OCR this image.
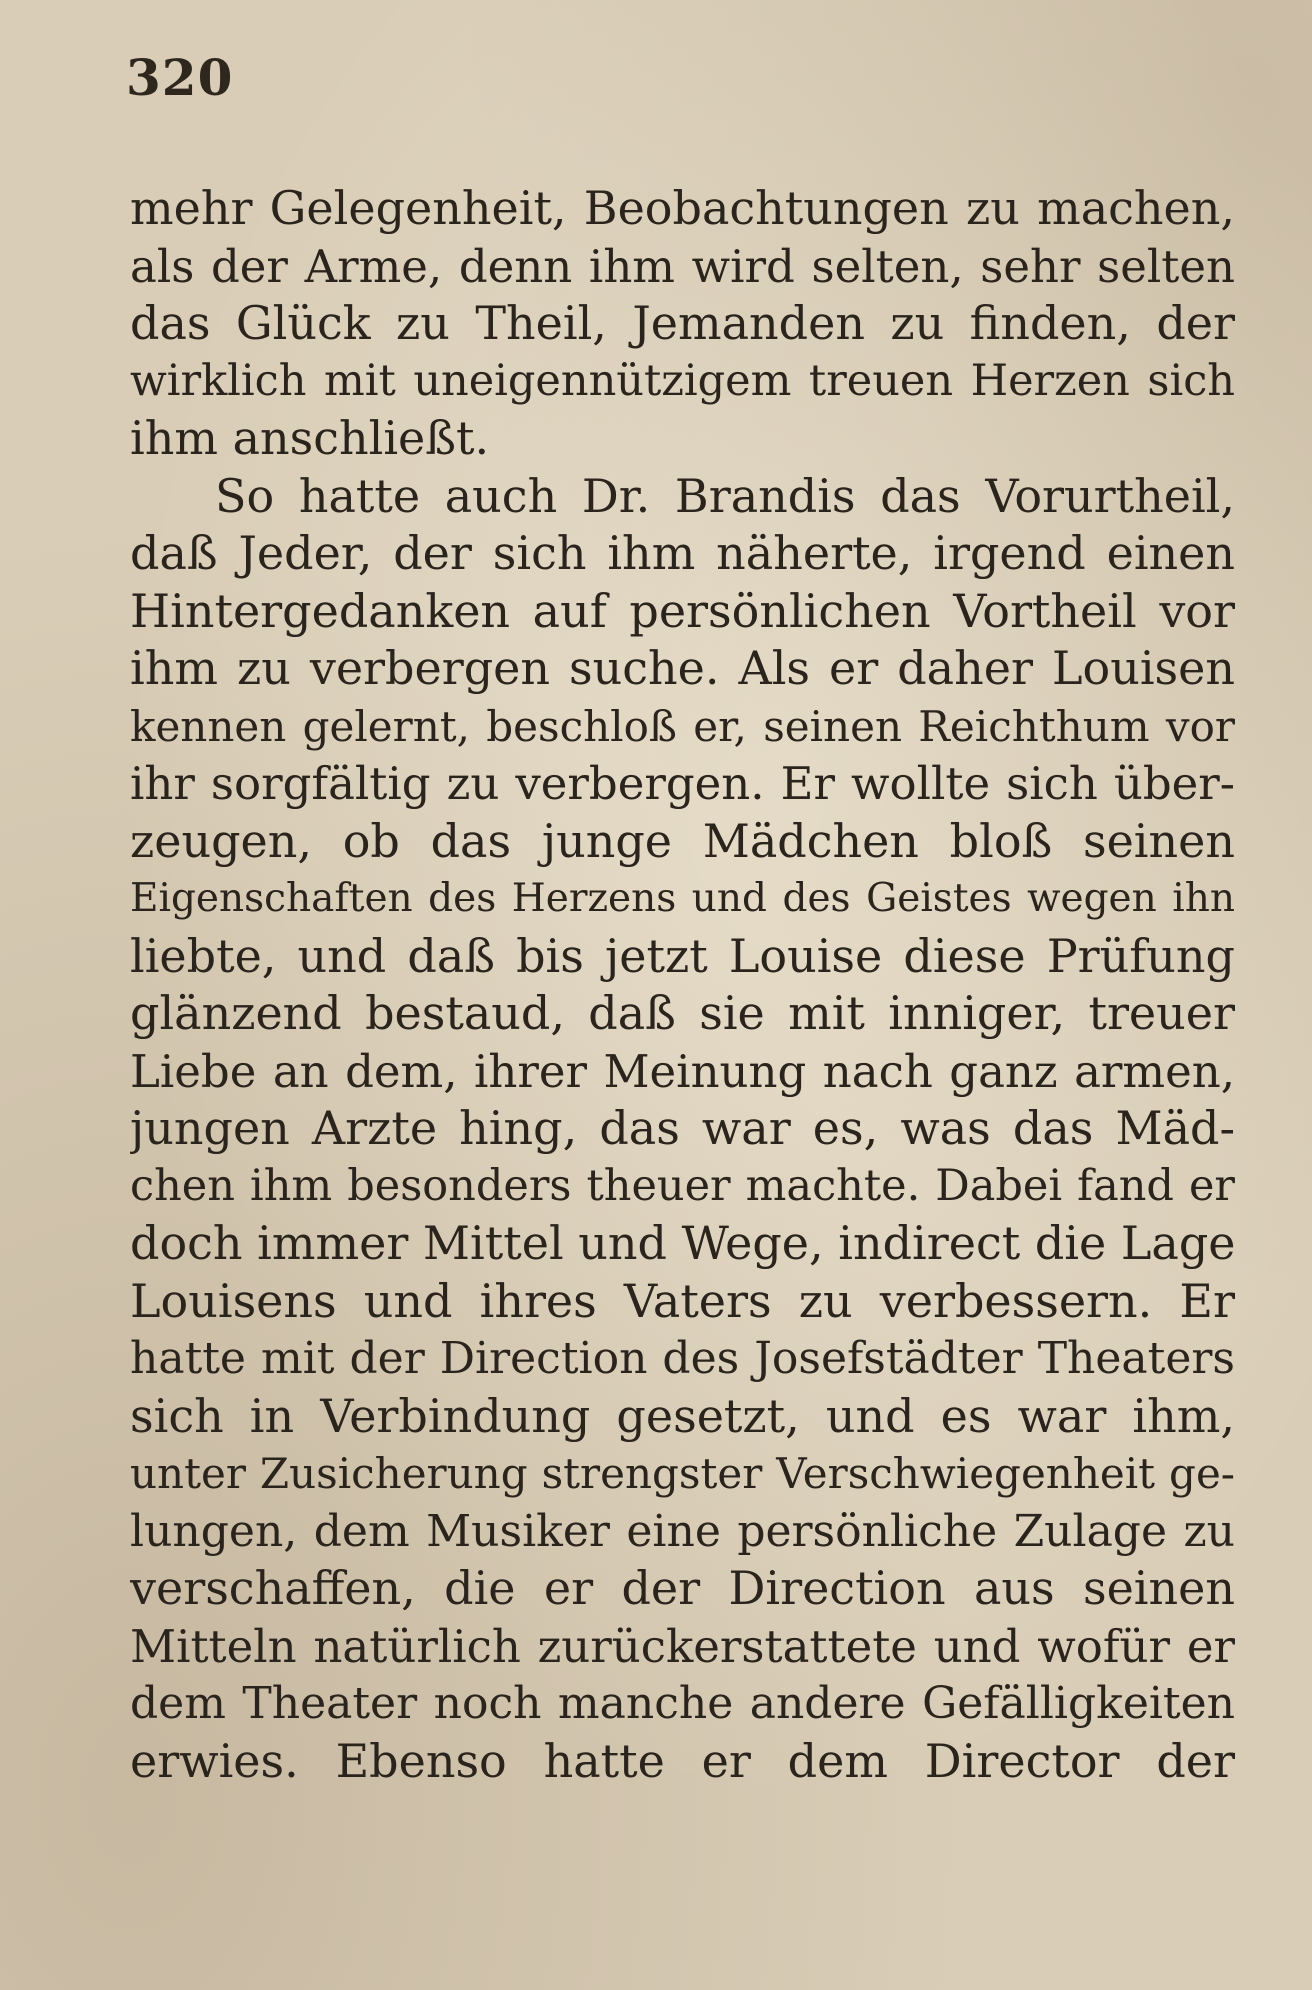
320
mehr Gelegenheit, Beobachtungen zu machen,
als der Arme, denn ihm wird selten, sehr selten
das Glück zu Theil, Jemanden zu finden, der
wirklich mit uneigennützigem treuen Herzen sich
ihm anschließt.
So hatte auch Dr. Brandis das Vorurtheil,
daß Jeder, der sich ihm näherte, irgend einen
Hintergedanken auf persönlichen Vortheil vor
ihm zu verbergen suche. Als er daher Louisen
kennen gelernt, beschloß er, seinen Reichthum vor
ihr sorgfältig zu verbergen. Er wollte sich über-
zeugen, ob das junge Mädchen bloß seinen
Eigenschaften des Herzens und des Geistes wegen ihn
liebte, und daß bis jetzt Louise diese Prüfung
glänzend bestaud, daß sie mit inniger, treuer
Liebe an dem, ihrer Meinung nach ganz armen,
jungen Arzte hing, das war es, was das Mäd-
chen ihm besonders theuer machte. Dabei fand er
doch immer Mittel und Wege, indirect die Lage
Louisens und ihres Vaters zu verbessern. Er
hatte mit der Direction des Josefstädter Theaters
sich in Verbindung gesetzt, und es war ihm,
unter Zusicherung strengster Verschwiegenheit ge-
lungen, dem Musiker eine persönliche Zulage zu
verschaffen, die er der Direction aus seinen
Mitteln natürlich zurückerstattete und wofür er
dem Theater noch manche andere Gefälligkeiten
erwies. Ebenso hatte er dem Director der
